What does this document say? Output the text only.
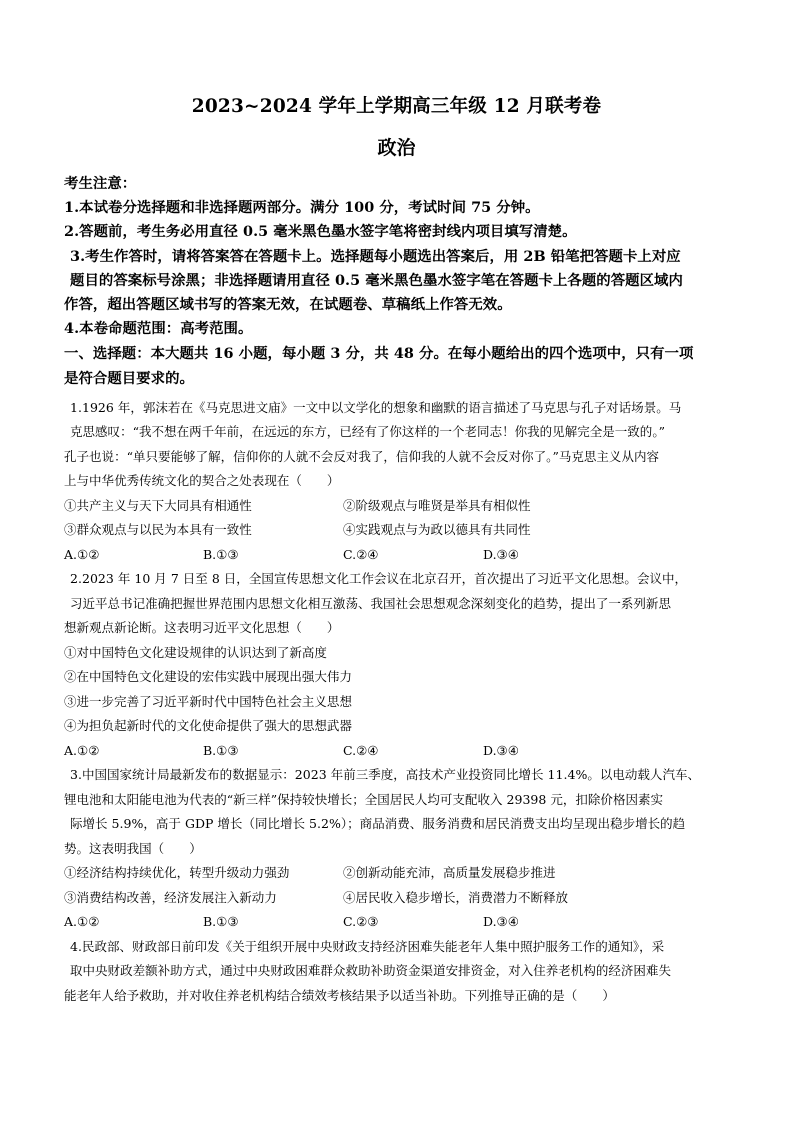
2023~2024 学年上学期高三年级 12 月联考卷
政治
考生注意：
1.本试卷分选择题和非选择题两部分。满分 100 分，考试时间 75 分钟。
2.答题前，考生务必用直径 0.5 毫米黑色墨水签字笔将密封线内项目填写清楚。
3.考生作答时，请将答案答在答题卡上。选择题每小题选出答案后，用 2B 铅笔把答题卡上对应
题目的答案标号涂黑；非选择题请用直径 0.5 毫米黑色墨水签字笔在答题卡上各题的答题区域内
作答，超出答题区域书写的答案无效，在试题卷、草稿纸上作答无效。
4.本卷命题范围：高考范围。
一、选择题：本大题共 16 小题，每小题 3 分，共 48 分。在每小题给出的四个选项中，只有一项
是符合题目要求的。
1.1926 年，郭沫若在《马克思进文庙》一文中以文学化的想象和幽默的语言描述了马克思与孔子对话场景。马
克思感叹：“我不想在两千年前，在远远的东方，已经有了你这样的一个老同志！你我的见解完全是一致的。”
孔子也说：“单只要能够了解，信仰你的人就不会反对我了，信仰我的人就不会反对你了。”马克思主义从内容
上与中华优秀传统文化的契合之处表现在（　　）
①共产主义与天下大同具有相通性	②阶级观点与唯贤是举具有相似性
③群众观点与以民为本具有一致性	④实践观点与为政以德具有共同性
A.①②	B.①③	C.②④	D.③④
2.2023 年 10 月 7 日至 8 日，全国宣传思想文化工作会议在北京召开，首次提出了习近平文化思想。会议中，
习近平总书记准确把握世界范围内思想文化相互激荡、我国社会思想观念深刻变化的趋势，提出了一系列新思
想新观点新论断。这表明习近平文化思想（　　）
①对中国特色文化建设规律的认识达到了新高度
②在中国特色文化建设的宏伟实践中展现出强大伟力
③进一步完善了习近平新时代中国特色社会主义思想
④为担负起新时代的文化使命提供了强大的思想武器
A.①②	B.①③	C.②④	D.③④
3.中国国家统计局最新发布的数据显示：2023 年前三季度，高技术产业投资同比增长 11.4%。以电动载人汽车、
锂电池和太阳能电池为代表的“新三样”保持较快增长；全国居民人均可支配收入 29398 元，扣除价格因素实
际增长 5.9%，高于 GDP 增长（同比增长 5.2%）；商品消费、服务消费和居民消费支出均呈现出稳步增长的趋
势。这表明我国（　　）
①经济结构持续优化，转型升级动力强劲	②创新动能充沛，高质量发展稳步推进
③消费结构改善，经济发展注入新动力	④居民收入稳步增长，消费潜力不断释放
A.①②	B.①③	C.②③	D.③④
4.民政部、财政部日前印发《关于组织开展中央财政支持经济困难失能老年人集中照护服务工作的通知》，采
取中央财政差额补助方式，通过中央财政困难群众救助补助资金渠道安排资金，对入住养老机构的经济困难失
能老年人给予救助，并对收住养老机构结合绩效考核结果予以适当补助。下列推导正确的是（　　）
